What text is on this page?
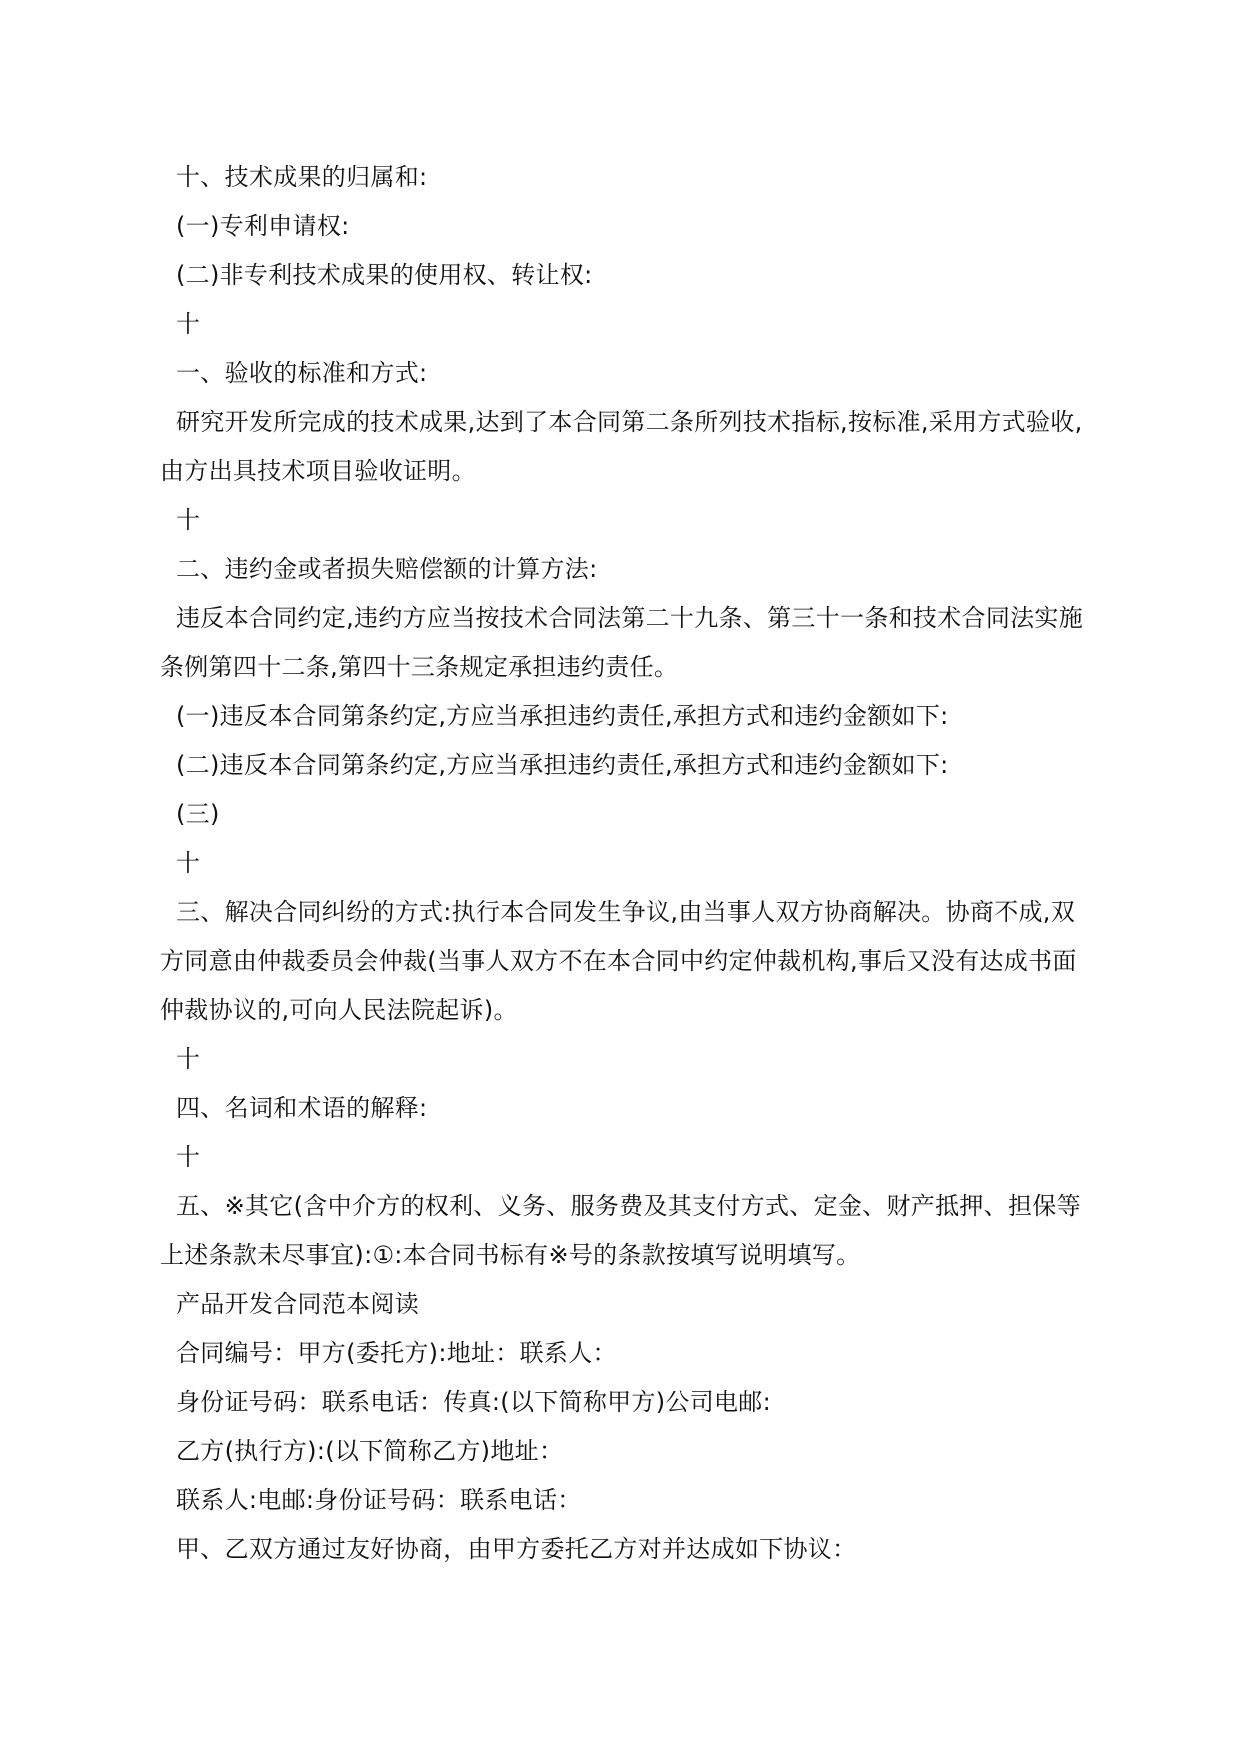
十、技术成果的归属和:

(一)专利申请权:

(二)非专利技术成果的使用权、转让权:

十

一、验收的标准和方式:

研究开发所完成的技术成果,达到了本合同第二条所列技术指标,按标准,采用方式验收,由方出具技术项目验收证明。

十

二、违约金或者损失赔偿额的计算方法:

违反本合同约定,违约方应当按技术合同法第二十九条、第三十一条和技术合同法实施条例第四十二条,第四十三条规定承担违约责任。

(一)违反本合同第条约定,方应当承担违约责任,承担方式和违约金额如下:

(二)违反本合同第条约定,方应当承担违约责任,承担方式和违约金额如下:

(三)

十

三、解决合同纠纷的方式:执行本合同发生争议,由当事人双方协商解决。协商不成,双方同意由仲裁委员会仲裁(当事人双方不在本合同中约定仲裁机构,事后又没有达成书面仲裁协议的,可向人民法院起诉)。

十

四、名词和术语的解释:

十

五、※其它(含中介方的权利、义务、服务费及其支付方式、定金、财产抵押、担保等上述条款未尽事宜):①:本合同书标有※号的条款按填写说明填写。

产品开发合同范本阅读

合同编号：甲方(委托方):地址：联系人：

身份证号码：联系电话：传真:(以下简称甲方)公司电邮:

乙方(执行方):(以下简称乙方)地址：

联系人:电邮:身份证号码：联系电话：

甲、乙双方通过友好协商，由甲方委托乙方对并达成如下协议：
